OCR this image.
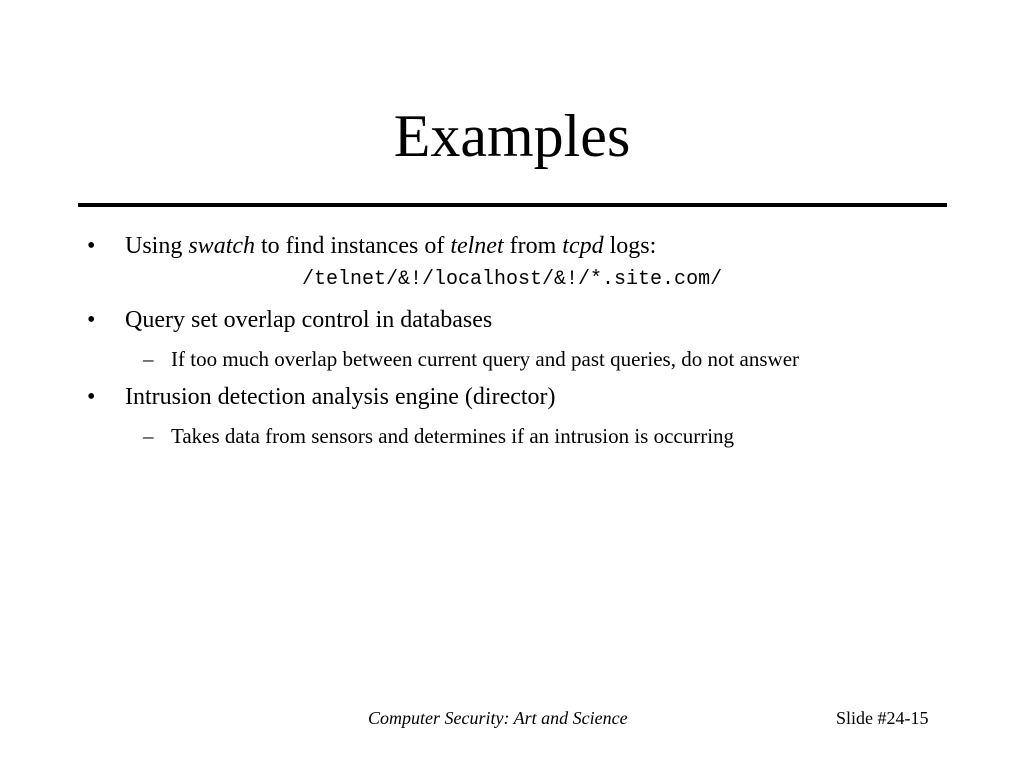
Examples
• Using swatch to find instances of telnet from tcpd logs:
/telnet/&!/localhost/&!/*.site.com/
• Query set overlap control in databases
– If too much overlap between current query and past queries, do not answer
• Intrusion detection analysis engine (director)
– Takes data from sensors and determines if an intrusion is occurring
Computer Security: Art and Science	Slide #24-15
